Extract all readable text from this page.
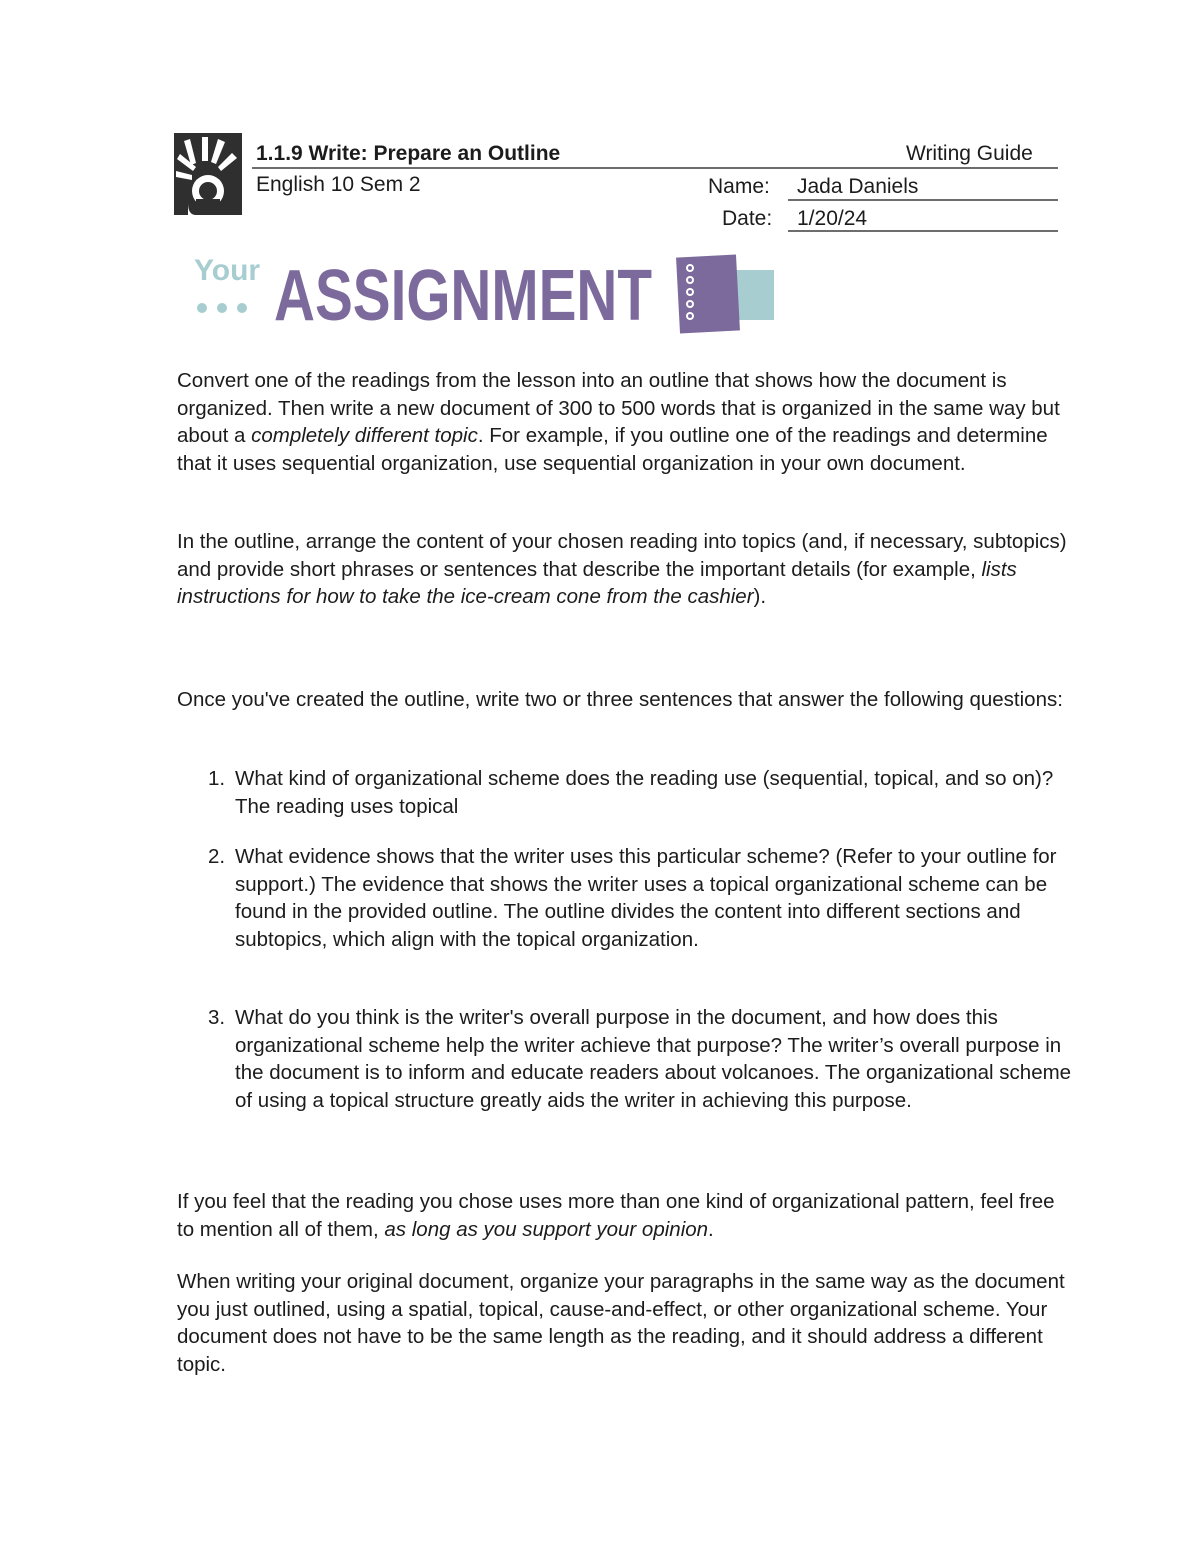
1.1.9 Write: Prepare an Outline	Writing Guide
English 10 Sem 2	Name: Jada Daniels
Date: 1/20/24
Your ASSIGNMENT

Convert one of the readings from the lesson into an outline that shows how the document is organized. Then write a new document of 300 to 500 words that is organized in the same way but about a completely different topic. For example, if you outline one of the readings and determine that it uses sequential organization, use sequential organization in your own document.

In the outline, arrange the content of your chosen reading into topics (and, if necessary, subtopics) and provide short phrases or sentences that describe the important details (for example, lists instructions for how to take the ice-cream cone from the cashier).

Once you've created the outline, write two or three sentences that answer the following questions:
1. What kind of organizational scheme does the reading use (sequential, topical, and so on)? The reading uses topical
2. What evidence shows that the writer uses this particular scheme? (Refer to your outline for support.) The evidence that shows the writer uses a topical organizational scheme can be found in the provided outline. The outline divides the content into different sections and subtopics, which align with the topical organization.
3. What do you think is the writer's overall purpose in the document, and how does this organizational scheme help the writer achieve that purpose? The writer’s overall purpose in the document is to inform and educate readers about volcanoes. The organizational scheme of using a topical structure greatly aids the writer in achieving this purpose.

If you feel that the reading you chose uses more than one kind of organizational pattern, feel free to mention all of them, as long as you support your opinion.

When writing your original document, organize your paragraphs in the same way as the document you just outlined, using a spatial, topical, cause-and-effect, or other organizational scheme. Your document does not have to be the same length as the reading, and it should address a different topic.
